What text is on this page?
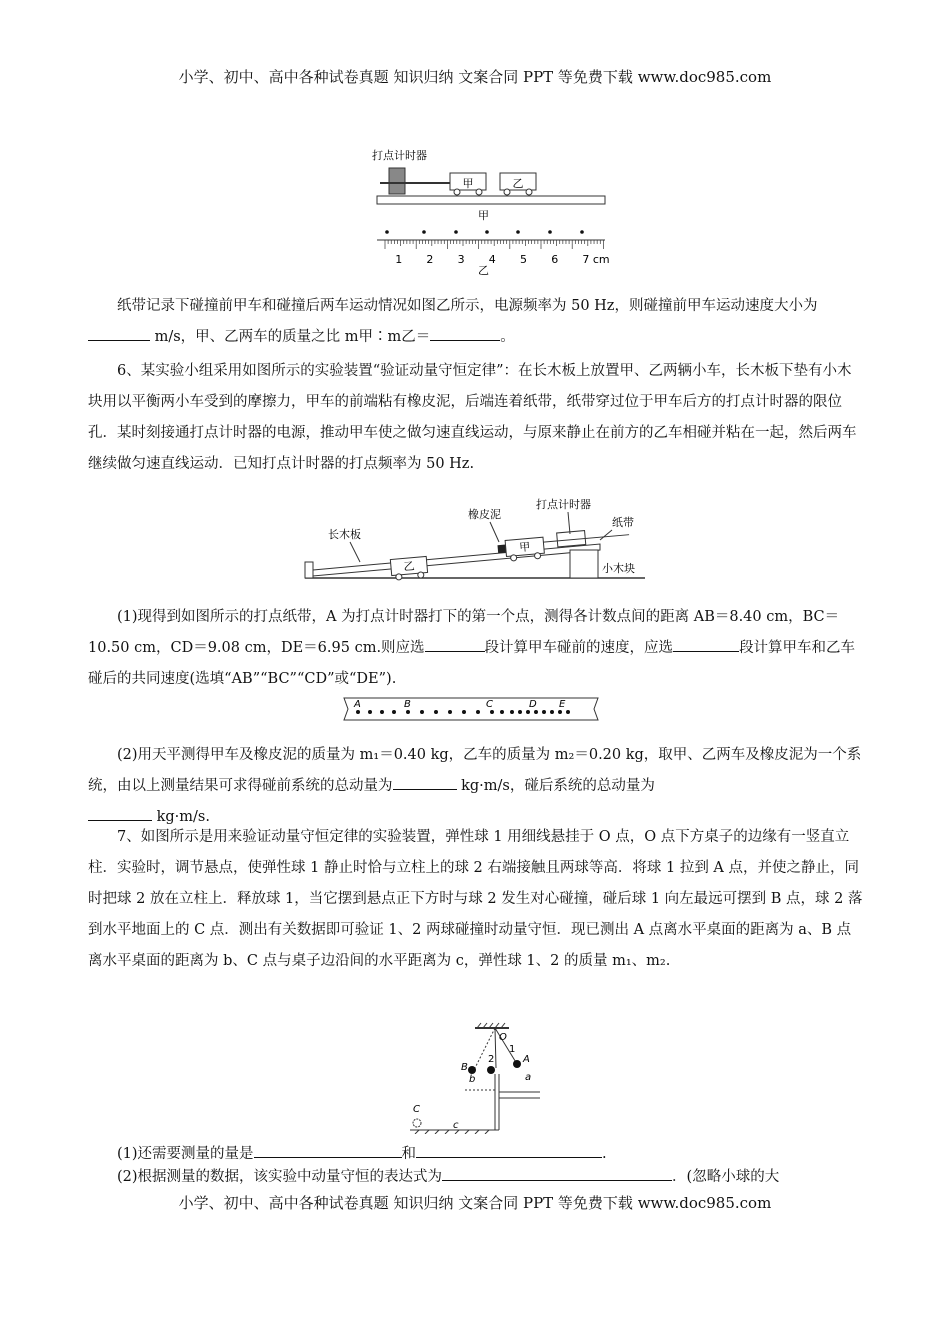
小学、初中、高中各种试卷真题 知识归纳 文案合同 PPT 等免费下载 www.doc985.com
打点计时器
甲	乙
甲
1 2 3 4 5 6 7 cm
乙

纸带记录下碰撞前甲车和碰撞后两车运动情况如图乙所示，电源频率为 50 Hz，则碰撞前甲车运动速度大小为 m/s，甲、乙两车的质量之比 m甲∶m乙＝	。

6、某实验小组采用如图所示的实验装置“验证动量守恒定律”：在长木板上放置甲、乙两辆小车，长木板下垫有小木块用以平衡两小车受到的摩擦力，甲车的前端粘有橡皮泥，后端连着纸带，纸带穿过位于甲车后方的打点计时器的限位孔．某时刻接通打点计时器的电源，推动甲车使之做匀速直线运动，与原来静止在前方的乙车相碰并粘在一起，然后两车继续做匀速直线运动．已知打点计时器的打点频率为 50 Hz.

乙
甲
长木板
橡皮泥
打点计时器
纸带
小木块

(1)现得到如图所示的打点纸带，A 为打点计时器打下的第一个点，测得各计数点间的距离 AB＝8.40 cm，BC＝10.50 cm，CD＝9.08 cm，DE＝6.95 cm.则应选	段计算甲车碰前的速度，应选	段计算甲车和乙车碰后的共同速度(选填“AB”“BC”“CD”或“DE”).

A	B	C	D E

(2)用天平测得甲车及橡皮泥的质量为 m₁＝0.40 kg，乙车的质量为 m₂＝0.20 kg，取甲、乙两车及橡皮泥为一个系统，由以上测量结果可求得碰前系统的总动量为	kg·m/s，碰后系统的总动量为
kg·m/s.

7、如图所示是用来验证动量守恒定律的实验装置，弹性球 1 用细线悬挂于 O 点，O 点下方桌子的边缘有一竖直立柱．实验时，调节悬点，使弹性球 1 静止时恰与立柱上的球 2 右端接触且两球等高．将球 1 拉到 A 点，并使之静止，同时把球 2 放在立柱上．释放球 1，当它摆到悬点正下方时与球 2 发生对心碰撞，碰后球 1 向左最远可摆到 B 点，球 2 落到水平地面上的 C 点．测出有关数据即可验证 1、2 两球碰撞时动量守恒．现已测出 A 点离水平桌面的距离为 a、B 点离水平桌面的距离为 b、C 点与桌子边沿间的水平距离为 c，弹性球 1、2 的质量 m₁、m₂.

O
B
2
1
A
a
b
C
c

(1)还需要测量的量是	和	.

(2)根据测量的数据，该实验中动量守恒的表达式为	．(忽略小球的大

小学、初中、高中各种试卷真题 知识归纳 文案合同 PPT 等免费下载 www.doc985.com
